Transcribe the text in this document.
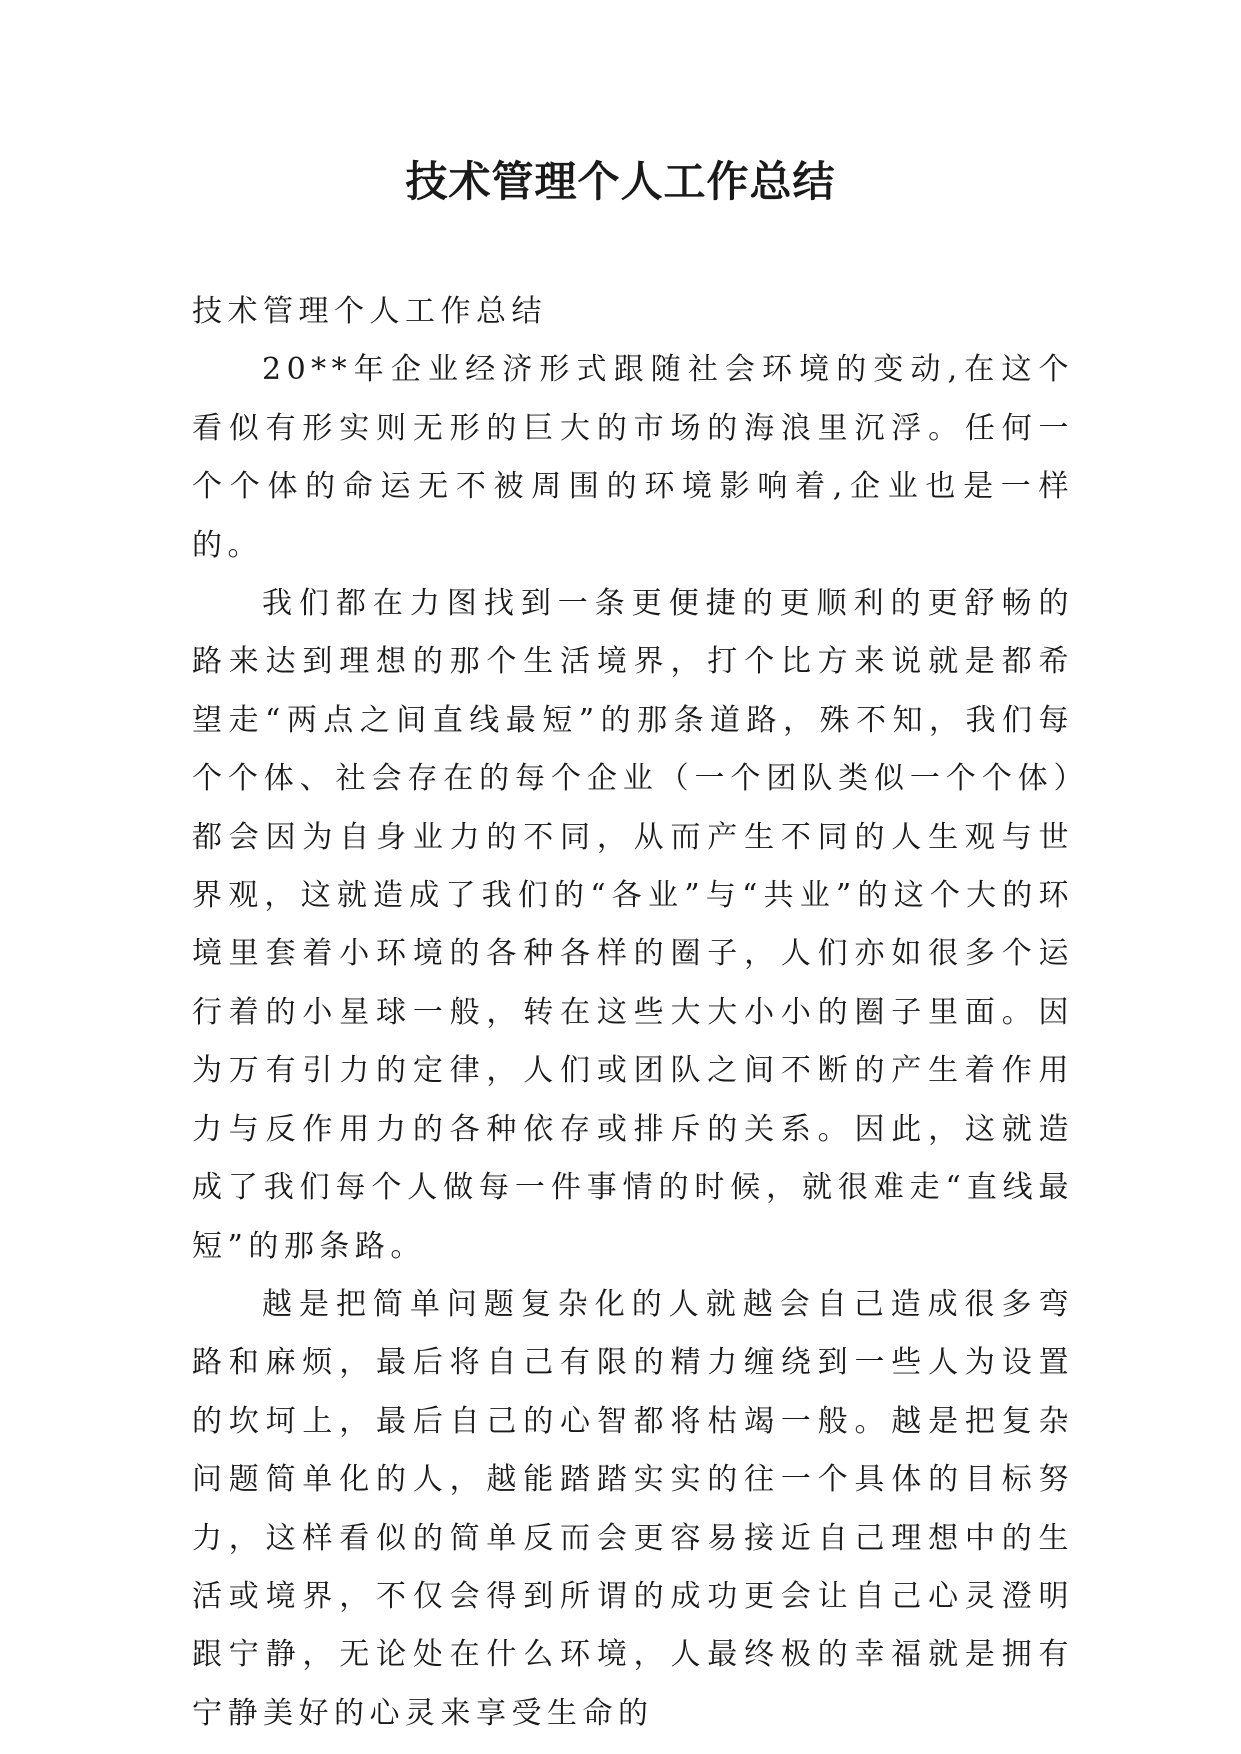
技术管理个人工作总结

技术管理个人工作总结

20**年企业经济形式跟随社会环境的变动,在这个看似有形实则无形的巨大的市场的海浪里沉浮。任何一个个体的命运无不被周围的环境影响着,企业也是一样的。

我们都在力图找到一条更便捷的更顺利的更舒畅的路来达到理想的那个生活境界，打个比方来说就是都希望走“两点之间直线最短”的那条道路，殊不知，我们每个个体、社会存在的每个企业（一个团队类似一个个体）都会因为自身业力的不同，从而产生不同的人生观与世界观，这就造成了我们的“各业”与“共业”的这个大的环境里套着小环境的各种各样的圈子，人们亦如很多个运行着的小星球一般，转在这些大大小小的圈子里面。因为万有引力的定律，人们或团队之间不断的产生着作用力与反作用力的各种依存或排斥的关系。因此，这就造成了我们每个人做每一件事情的时候，就很难走“直线最短”的那条路。

越是把简单问题复杂化的人就越会自己造成很多弯路和麻烦，最后将自己有限的精力缠绕到一些人为设置的坎坷上，最后自己的心智都将枯竭一般。越是把复杂问题简单化的人，越能踏踏实实的往一个具体的目标努力，这样看似的简单反而会更容易接近自己理想中的生活或境界，不仅会得到所谓的成功更会让自己心灵澄明跟宁静，无论处在什么环境，人最终极的幸福就是拥有宁静美好的心灵来享受生命的
